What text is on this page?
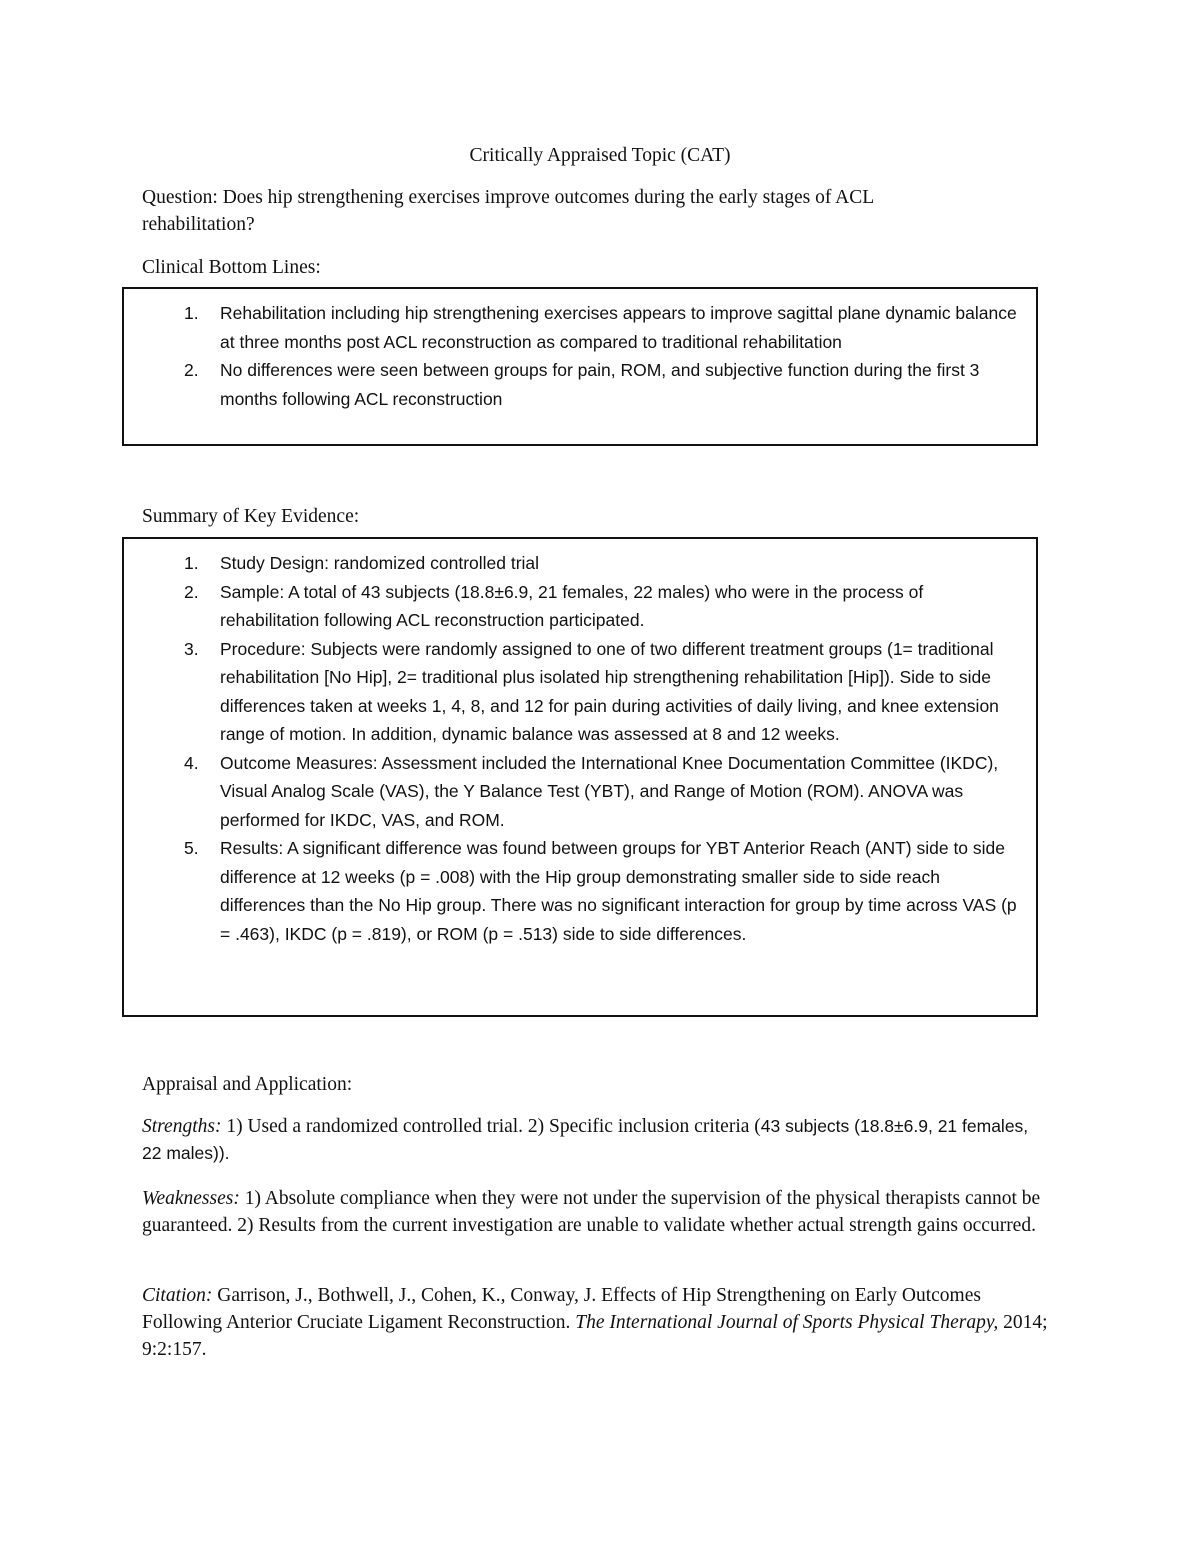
Critically Appraised Topic (CAT)
Question: Does hip strengthening exercises improve outcomes during the early stages of ACL rehabilitation?
Clinical Bottom Lines:
1. Rehabilitation including hip strengthening exercises appears to improve sagittal plane dynamic balance at three months post ACL reconstruction as compared to traditional rehabilitation
2. No differences were seen between groups for pain, ROM, and subjective function during the first 3 months following ACL reconstruction
Summary of Key Evidence:
1. Study Design: randomized controlled trial
2. Sample: A total of 43 subjects (18.8±6.9, 21 females, 22 males) who were in the process of rehabilitation following ACL reconstruction participated.
3. Procedure: Subjects were randomly assigned to one of two different treatment groups (1= traditional rehabilitation [No Hip], 2= traditional plus isolated hip strengthening rehabilitation [Hip]). Side to side differences taken at weeks 1, 4, 8, and 12 for pain during activities of daily living, and knee extension range of motion. In addition, dynamic balance was assessed at 8 and 12 weeks.
4. Outcome Measures: Assessment included the International Knee Documentation Committee (IKDC), Visual Analog Scale (VAS), the Y Balance Test (YBT), and Range of Motion (ROM). ANOVA was performed for IKDC, VAS, and ROM.
5. Results: A significant difference was found between groups for YBT Anterior Reach (ANT) side to side difference at 12 weeks (p = .008) with the Hip group demonstrating smaller side to side reach differences than the No Hip group. There was no significant interaction for group by time across VAS (p = .463), IKDC (p = .819), or ROM (p = .513) side to side differences.
Appraisal and Application:
Strengths: 1) Used a randomized controlled trial. 2) Specific inclusion criteria (43 subjects (18.8±6.9, 21 females, 22 males)).
Weaknesses: 1) Absolute compliance when they were not under the supervision of the physical therapists cannot be guaranteed. 2) Results from the current investigation are unable to validate whether actual strength gains occurred.
Citation: Garrison, J., Bothwell, J., Cohen, K., Conway, J. Effects of Hip Strengthening on Early Outcomes Following Anterior Cruciate Ligament Reconstruction. The International Journal of Sports Physical Therapy, 2014; 9:2:157.
